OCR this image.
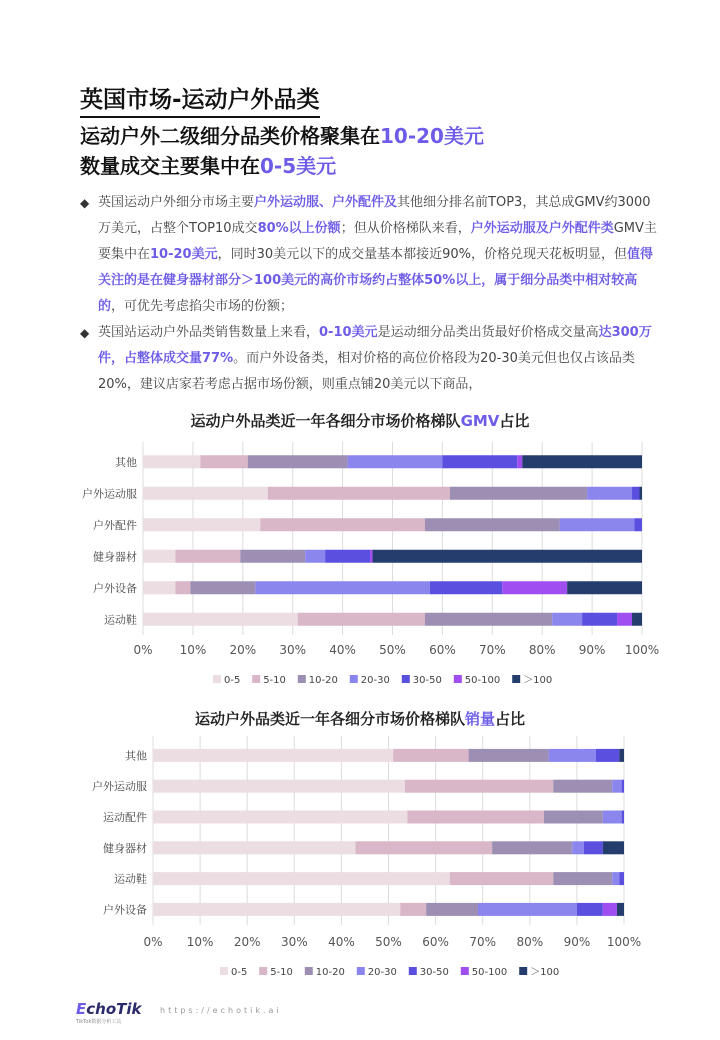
英国市场-运动户外品类
运动户外二级细分品类价格聚集在10-20美元
数量成交主要集中在0-5美元
◆ 英国运动户外细分市场主要户外运动服、户外配件及其他细分排名前TOP3，其总成GMV约3000万美元，占整个TOP10成交80%以上份额；但从价格梯队来看，户外运动服及户外配件类GMV主要集中在10-20美元，同时30美元以下的成交量基本都接近90%，价格兑现天花板明显，但值得关注的是在健身器材部分＞100美元的高价市场约占整体50%以上，属于细分品类中相对较高的，可优先考虑掐尖市场的份额；
◆ 英国站运动户外品类销售数量上来看，0-10美元是运动细分品类出货最好价格成交量高达300万件，占整体成交量77%。而户外设备类，相对价格的高位价格段为20-30美元但也仅占该品类20%，建议店家若考虑占据市场份额，则重点铺20美元以下商品，
运动户外品类近一年各细分市场价格梯队GMV占比
0% 10% 20% 30% 40% 50% 60% 70% 80% 90% 100%
其他
户外运动服
户外配件
健身器材
户外设备
运动鞋
0-5 5-10 10-20 20-30 30-50 50-100 ＞100
运动户外品类近一年各细分市场价格梯队销量占比
0% 10% 20% 30% 40% 50% 60% 70% 80% 90% 100%
其他
户外运动服
运动配件
健身器材
运动鞋
户外设备
0-5 5-10 10-20 20-30 30-50 50-100 ＞100
EchoTik
TikTok数据分析工具
https://echotik.ai
